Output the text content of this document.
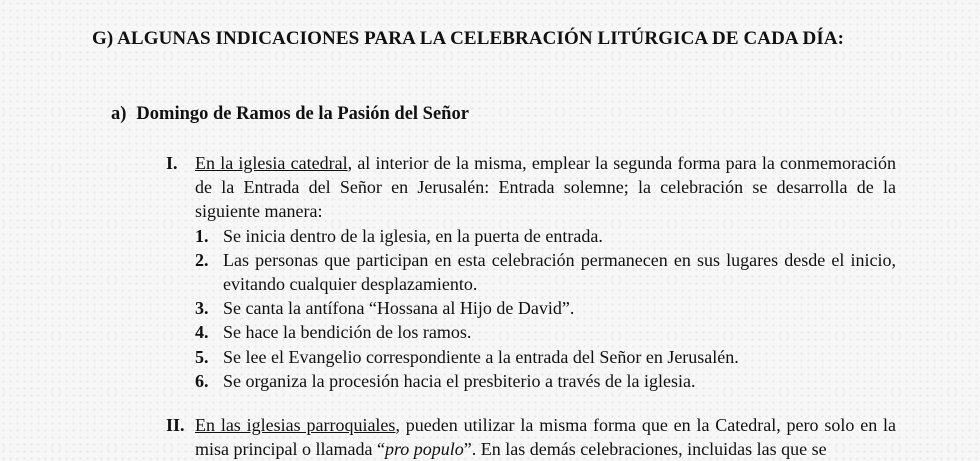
G) ALGUNAS INDICACIONES PARA LA CELEBRACIÓN LITÚRGICA DE CADA DÍA:
a) Domingo de Ramos de la Pasión del Señor
I. En la iglesia catedral, al interior de la misma, emplear la segunda forma para la conmemoración de la Entrada del Señor en Jerusalén: Entrada solemne; la celebración se desarrolla de la siguiente manera:
1. Se inicia dentro de la iglesia, en la puerta de entrada.
2. Las personas que participan en esta celebración permanecen en sus lugares desde el inicio, evitando cualquier desplazamiento.
3. Se canta la antífona “Hossana al Hijo de David”.
4. Se hace la bendición de los ramos.
5. Se lee el Evangelio correspondiente a la entrada del Señor en Jerusalén.
6. Se organiza la procesión hacia el presbiterio a través de la iglesia.
II. En las iglesias parroquiales, pueden utilizar la misma forma que en la Catedral, pero solo en la misa principal o llamada “pro populo”. En las demás celebraciones, incluidas las que se
